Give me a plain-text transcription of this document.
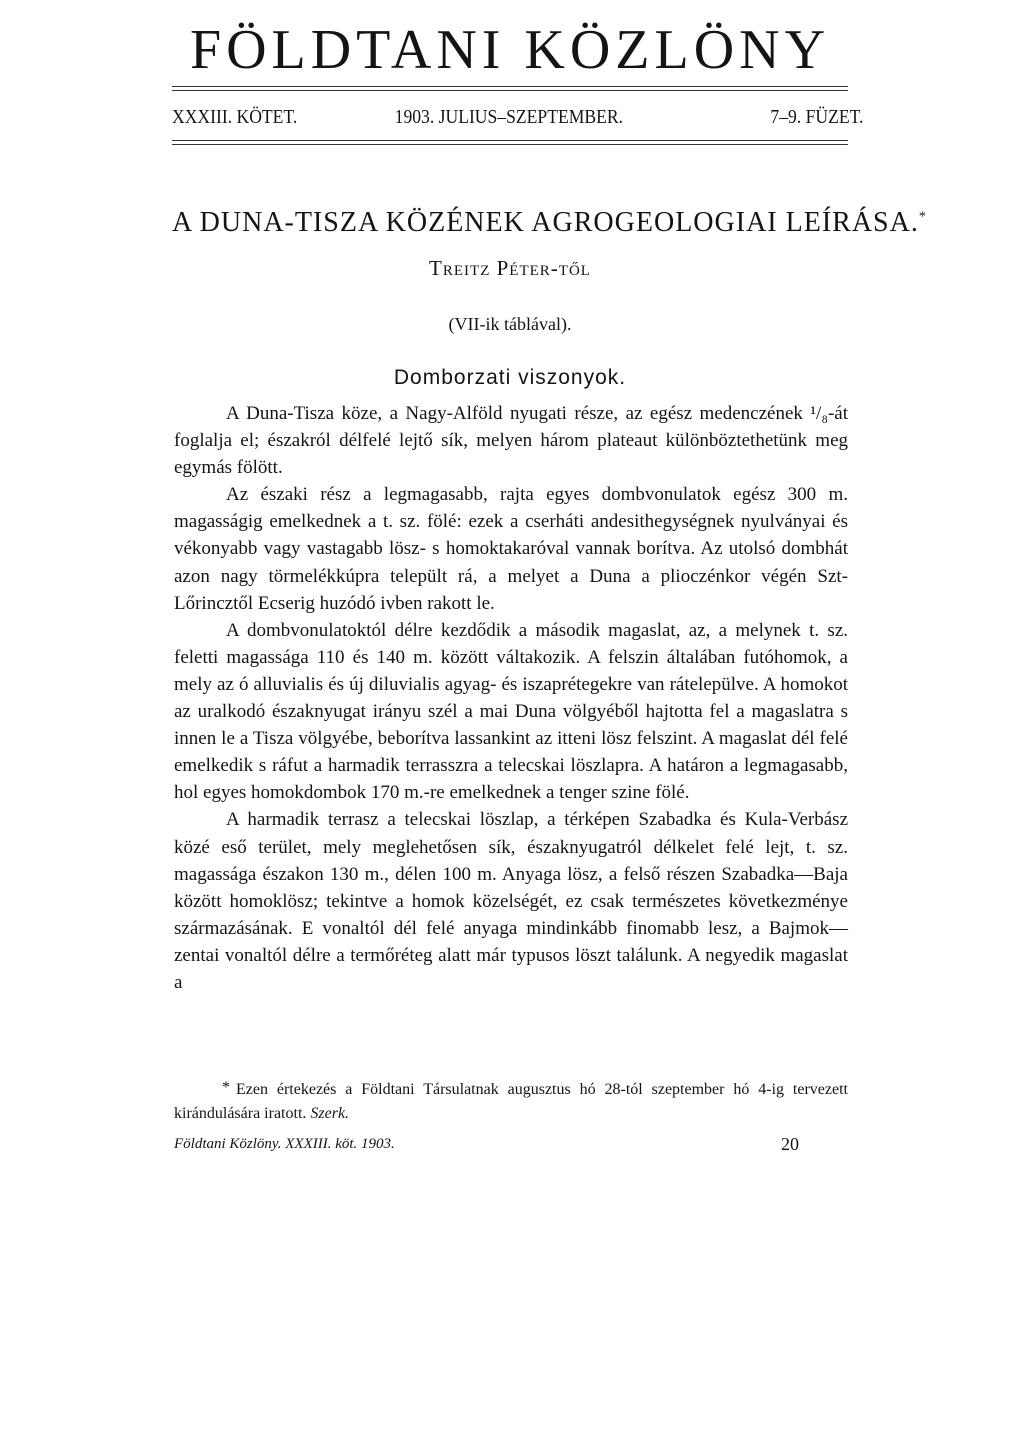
FÖLDTANI KÖZLÖNY
XXXIII. KÖTET.	1903. JULIUS–SZEPTEMBER.	7–9. FÜZET.
A DUNA-TISZA KÖZÉNEK AGROGEOLOGIAI LEÍRÁSA.*
Treitz Péter-től
(VII-ik táblával).
Domborzati viszonyok.

A Duna-Tisza köze, a Nagy-Alföld nyugati része, az egész medenczének ¹/₈-át foglalja el; északról délfelé lejtő sík, melyen három plateaut különböztethetünk meg egymás fölött.

Az északi rész a legmagasabb, rajta egyes dombvonulatok egész 300 m. magasságig emelkednek a t. sz. fölé: ezek a cserháti andesithegységnek nyulványai és vékonyabb vagy vastagabb lösz- s homoktakaróval vannak borítva. Az utolsó dombhát azon nagy törmelékkúpra települt rá, a melyet a Duna a plioczénkor végén Szt-Lőrincztől Ecserig huzódó ivben rakott le.

A dombvonulatoktól délre kezdődik a második magaslat, az, a melynek t. sz. feletti magassága 110 és 140 m. között váltakozik. A felszin általában futóhomok, a mely az ó alluvialis és új diluvialis agyag- és iszaprétegekre van rátelepülve. A homokot az uralkodó északnyugat irányu szél a mai Duna völgyéből hajtotta fel a magaslatra s innen le a Tisza völgyébe, beborítva lassankint az itteni lösz felszint. A magaslat dél felé emelkedik s ráfut a harmadik terrasszra a telecskai löszlapra. A határon a legmagasabb, hol egyes homokdombok 170 m.-re emelkednek a tenger szine fölé.

A harmadik terrasz a telecskai löszlap, a térképen Szabadka és Kula-Verbász közé eső terület, mely meglehetősen sík, északnyugatról délkelet felé lejt, t. sz. magassága északon 130 m., délen 100 m. Anyaga lösz, a felső részen Szabadka—Baja között homoklösz; tekintve a homok közelségét, ez csak természetes következménye származásának. E vonaltól dél felé anyaga mindinkább finomabb lesz, a Bajmok—zentai vonaltól délre a termőréteg alatt már typusos löszt találunk. A negyedik magaslat a

* Ezen értekezés a Földtani Társulatnak augusztus hó 28-tól szeptember hó 4-ig tervezett kirándulására iratott. Szerk.
Földtani Közlöny. XXXIII. köt. 1903.	20
